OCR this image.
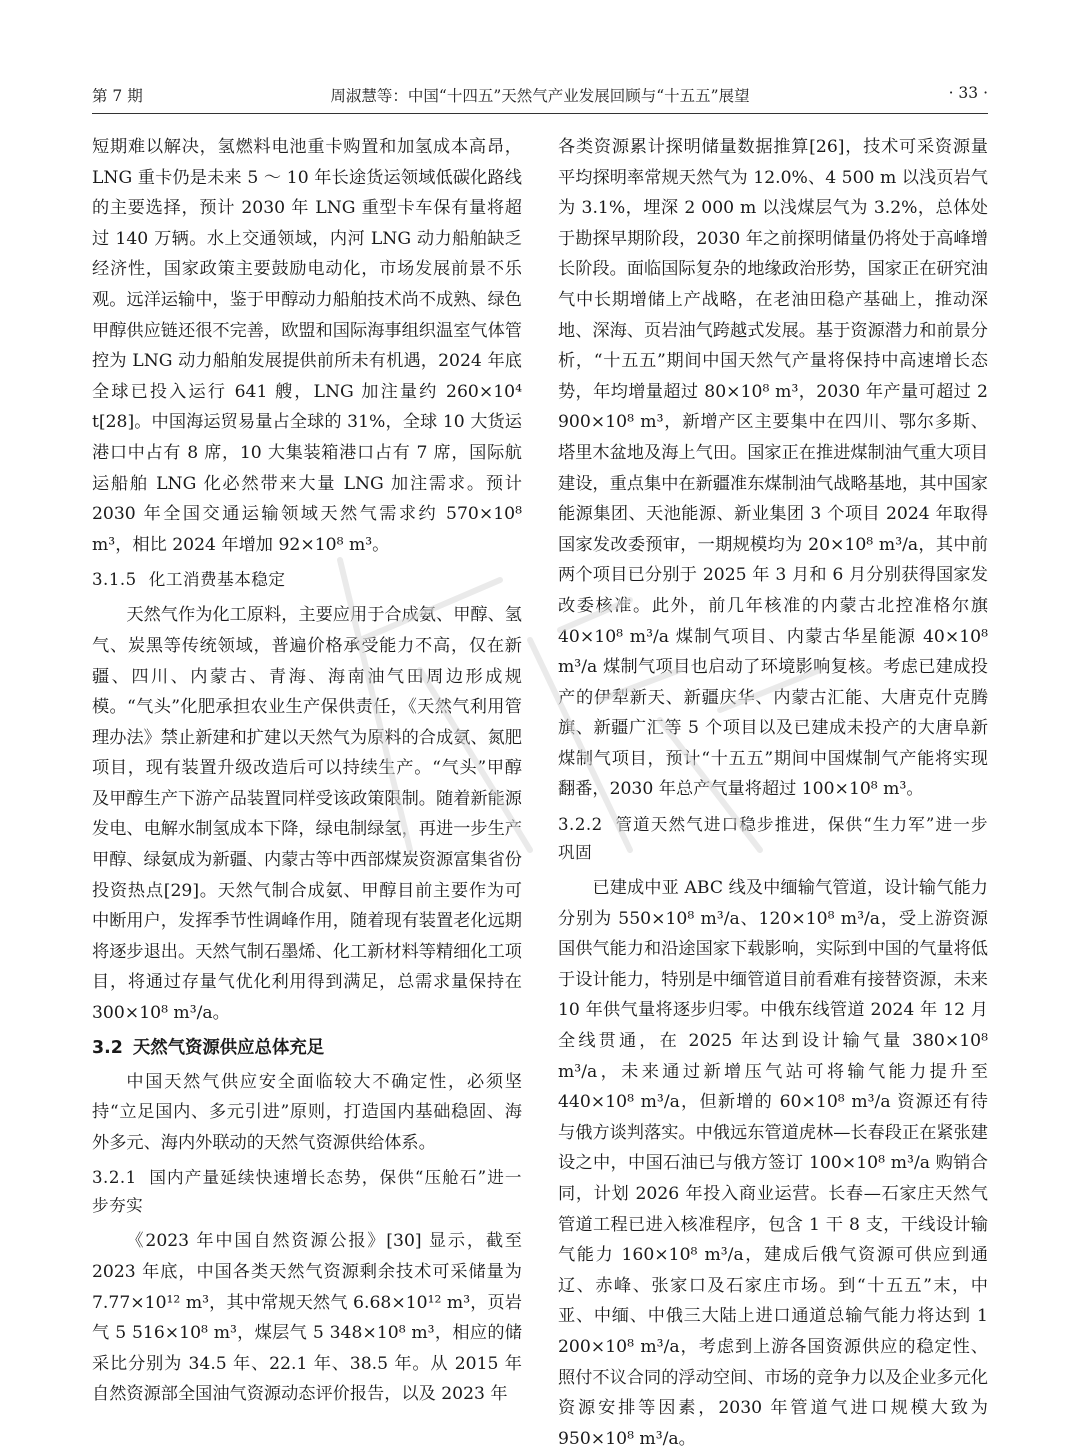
第 7 期	周淑慧等：中国“十四五”天然气产业发展回顾与“十五五”展望	· 33 ·

短期难以解决，氢燃料电池重卡购置和加氢成本高昂，LNG 重卡仍是未来 5 ～ 10 年长途货运领域低碳化路线的主要选择，预计 2030 年 LNG 重型卡车保有量将超过 140 万辆。水上交通领域，内河 LNG 动力船舶缺乏经济性，国家政策主要鼓励电动化，市场发展前景不乐观。远洋运输中，鉴于甲醇动力船舶技术尚不成熟、绿色甲醇供应链还很不完善，欧盟和国际海事组织温室气体管控为 LNG 动力船舶发展提供前所未有机遇，2024 年底全球已投入运行 641 艘，LNG 加注量约 260×10⁴ t[28]。中国海运贸易量占全球的 31%，全球 10 大货运港口中占有 8 席，10 大集装箱港口占有 7 席，国际航运船舶 LNG 化必然带来大量 LNG 加注需求。预计 2030 年全国交通运输领域天然气需求约 570×10⁸ m³，相比 2024 年增加 92×10⁸ m³。

3.1.5 化工消费基本稳定

天然气作为化工原料，主要应用于合成氨、甲醇、氢气、炭黑等传统领域，普遍价格承受能力不高，仅在新疆、四川、内蒙古、青海、海南油气田周边形成规模。“气头”化肥承担农业生产保供责任，《天然气利用管理办法》禁止新建和扩建以天然气为原料的合成氨、氮肥项目，现有装置升级改造后可以持续生产。“气头”甲醇及甲醇生产下游产品装置同样受该政策限制。随着新能源发电、电解水制氢成本下降，绿电制绿氢，再进一步生产甲醇、绿氨成为新疆、内蒙古等中西部煤炭资源富集省份投资热点[29]。天然气制合成氨、甲醇目前主要作为可中断用户，发挥季节性调峰作用，随着现有装置老化远期将逐步退出。天然气制石墨烯、化工新材料等精细化工项目，将通过存量气优化利用得到满足，总需求量保持在 300×10⁸ m³/a。

3.2 天然气资源供应总体充足

中国天然气供应安全面临较大不确定性，必须坚持“立足国内、多元引进”原则，打造国内基础稳固、海外多元、海内外联动的天然气资源供给体系。

3.2.1 国内产量延续快速增长态势，保供“压舱石”进一步夯实

《2023 年中国自然资源公报》[30] 显示，截至 2023 年底，中国各类天然气资源剩余技术可采储量为 7.77×10¹² m³，其中常规天然气 6.68×10¹² m³，页岩气 5 516×10⁸ m³，煤层气 5 348×10⁸ m³，相应的储采比分别为 34.5 年、22.1 年、38.5 年。从 2015 年自然资源部全国油气资源动态评价报告，以及 2023 年

各类资源累计探明储量数据推算[26]，技术可采资源量平均探明率常规天然气为 12.0%、4 500 m 以浅页岩气为 3.1%，埋深 2 000 m 以浅煤层气为 3.2%，总体处于勘探早期阶段，2030 年之前探明储量仍将处于高峰增长阶段。面临国际复杂的地缘政治形势，国家正在研究油气中长期增储上产战略，在老油田稳产基础上，推动深地、深海、页岩油气跨越式发展。基于资源潜力和前景分析，“十五五”期间中国天然气产量将保持中高速增长态势，年均增量超过 80×10⁸ m³，2030 年产量可超过 2 900×10⁸ m³，新增产区主要集中在四川、鄂尔多斯、塔里木盆地及海上气田。国家正在推进煤制油气重大项目建设，重点集中在新疆准东煤制油气战略基地，其中国家能源集团、天池能源、新业集团 3 个项目 2024 年取得国家发改委预审，一期规模均为 20×10⁸ m³/a，其中前两个项目已分别于 2025 年 3 月和 6 月分别获得国家发改委核准。此外，前几年核准的内蒙古北控准格尔旗 40×10⁸ m³/a 煤制气项目、内蒙古华星能源 40×10⁸ m³/a 煤制气项目也启动了环境影响复核。考虑已建成投产的伊犁新天、新疆庆华、内蒙古汇能、大唐克什克腾旗、新疆广汇等 5 个项目以及已建成未投产的大唐阜新煤制气项目，预计“十五五”期间中国煤制气产能将实现翻番，2030 年总产气量将超过 100×10⁸ m³。

3.2.2 管道天然气进口稳步推进，保供“生力军”进一步巩固

已建成中亚 ABC 线及中缅输气管道，设计输气能力分别为 550×10⁸ m³/a、120×10⁸ m³/a，受上游资源国供气能力和沿途国家下载影响，实际到中国的气量将低于设计能力，特别是中缅管道目前看难有接替资源，未来 10 年供气量将逐步归零。中俄东线管道 2024 年 12 月全线贯通，在 2025 年达到设计输气量 380×10⁸ m³/a，未来通过新增压气站可将输气能力提升至 440×10⁸ m³/a，但新增的 60×10⁸ m³/a 资源还有待与俄方谈判落实。中俄远东管道虎林—长春段正在紧张建设之中，中国石油已与俄方签订 100×10⁸ m³/a 购销合同，计划 2026 年投入商业运营。长春—石家庄天然气管道工程已进入核准程序，包含 1 干 8 支，干线设计输气能力 160×10⁸ m³/a，建成后俄气资源可供应到通辽、赤峰、张家口及石家庄市场。到“十五五”末，中亚、中缅、中俄三大陆上进口通道总输气能力将达到 1 200×10⁸ m³/a，考虑到上游各国资源供应的稳定性、照付不议合同的浮动空间、市场的竞争力以及企业多元化资源安排等因素，2030 年管道气进口规模大致为 950×10⁸ m³/a。
